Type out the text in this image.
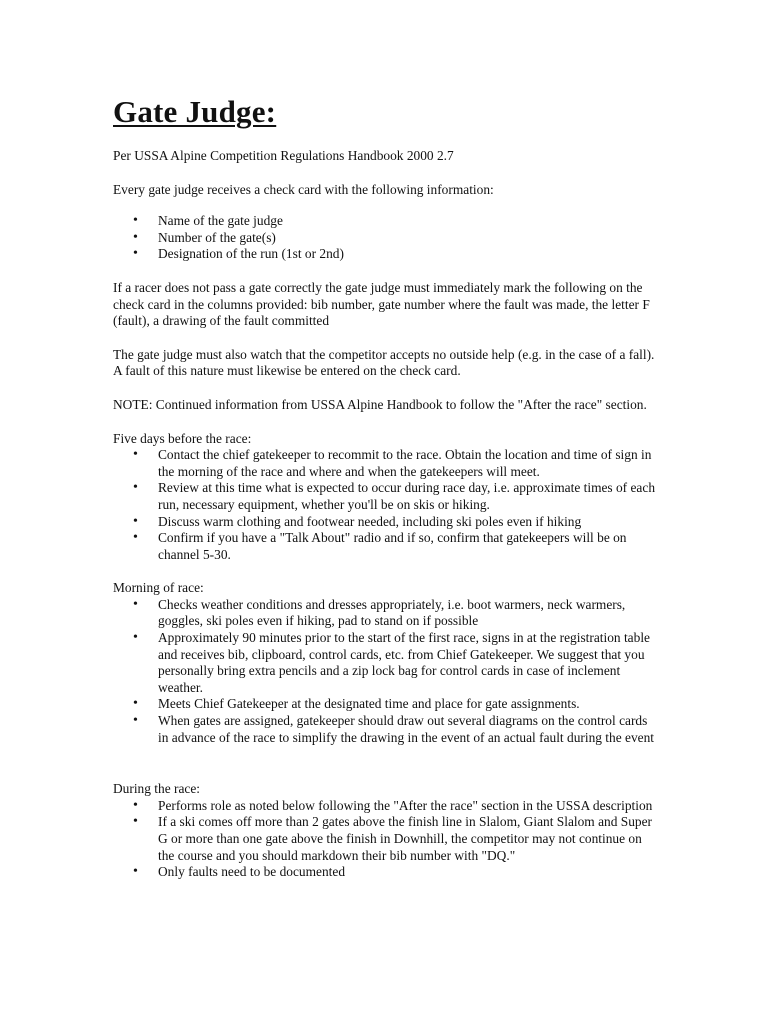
Gate Judge:

Per USSA Alpine Competition Regulations Handbook 2000 2.7

Every gate judge receives a check card with the following information:

• Name of the gate judge
• Number of the gate(s)
• Designation of the run (1st or 2nd)

If a racer does not pass a gate correctly the gate judge must immediately mark the following on the check card in the columns provided: bib number, gate number where the fault was made, the letter F (fault), a drawing of the fault committed

The gate judge must also watch that the competitor accepts no outside help (e.g. in the case of a fall). A fault of this nature must likewise be entered on the check card.

NOTE: Continued information from USSA Alpine Handbook to follow the "After the race" section.

Five days before the race:

• Contact the chief gatekeeper to recommit to the race. Obtain the location and time of sign in the morning of the race and where and when the gatekeepers will meet.
• Review at this time what is expected to occur during race day, i.e. approximate times of each run, necessary equipment, whether you'll be on skis or hiking.
• Discuss warm clothing and footwear needed, including ski poles even if hiking
• Confirm if you have a "Talk About" radio and if so, confirm that gatekeepers will be on channel 5-30.

Morning of race:

• Checks weather conditions and dresses appropriately, i.e. boot warmers, neck warmers, goggles, ski poles even if hiking, pad to stand on if possible
• Approximately 90 minutes prior to the start of the first race, signs in at the registration table and receives bib, clipboard, control cards, etc. from Chief Gatekeeper. We suggest that you personally bring extra pencils and a zip lock bag for control cards in case of inclement weather.
• Meets Chief Gatekeeper at the designated time and place for gate assignments.
• When gates are assigned, gatekeeper should draw out several diagrams on the control cards in advance of the race to simplify the drawing in the event of an actual fault during the event

During the race:

• Performs role as noted below following the "After the race" section in the USSA description
• If a ski comes off more than 2 gates above the finish line in Slalom, Giant Slalom and Super G or more than one gate above the finish in Downhill, the competitor may not continue on the course and you should markdown their bib number with "DQ."
• Only faults need to be documented
